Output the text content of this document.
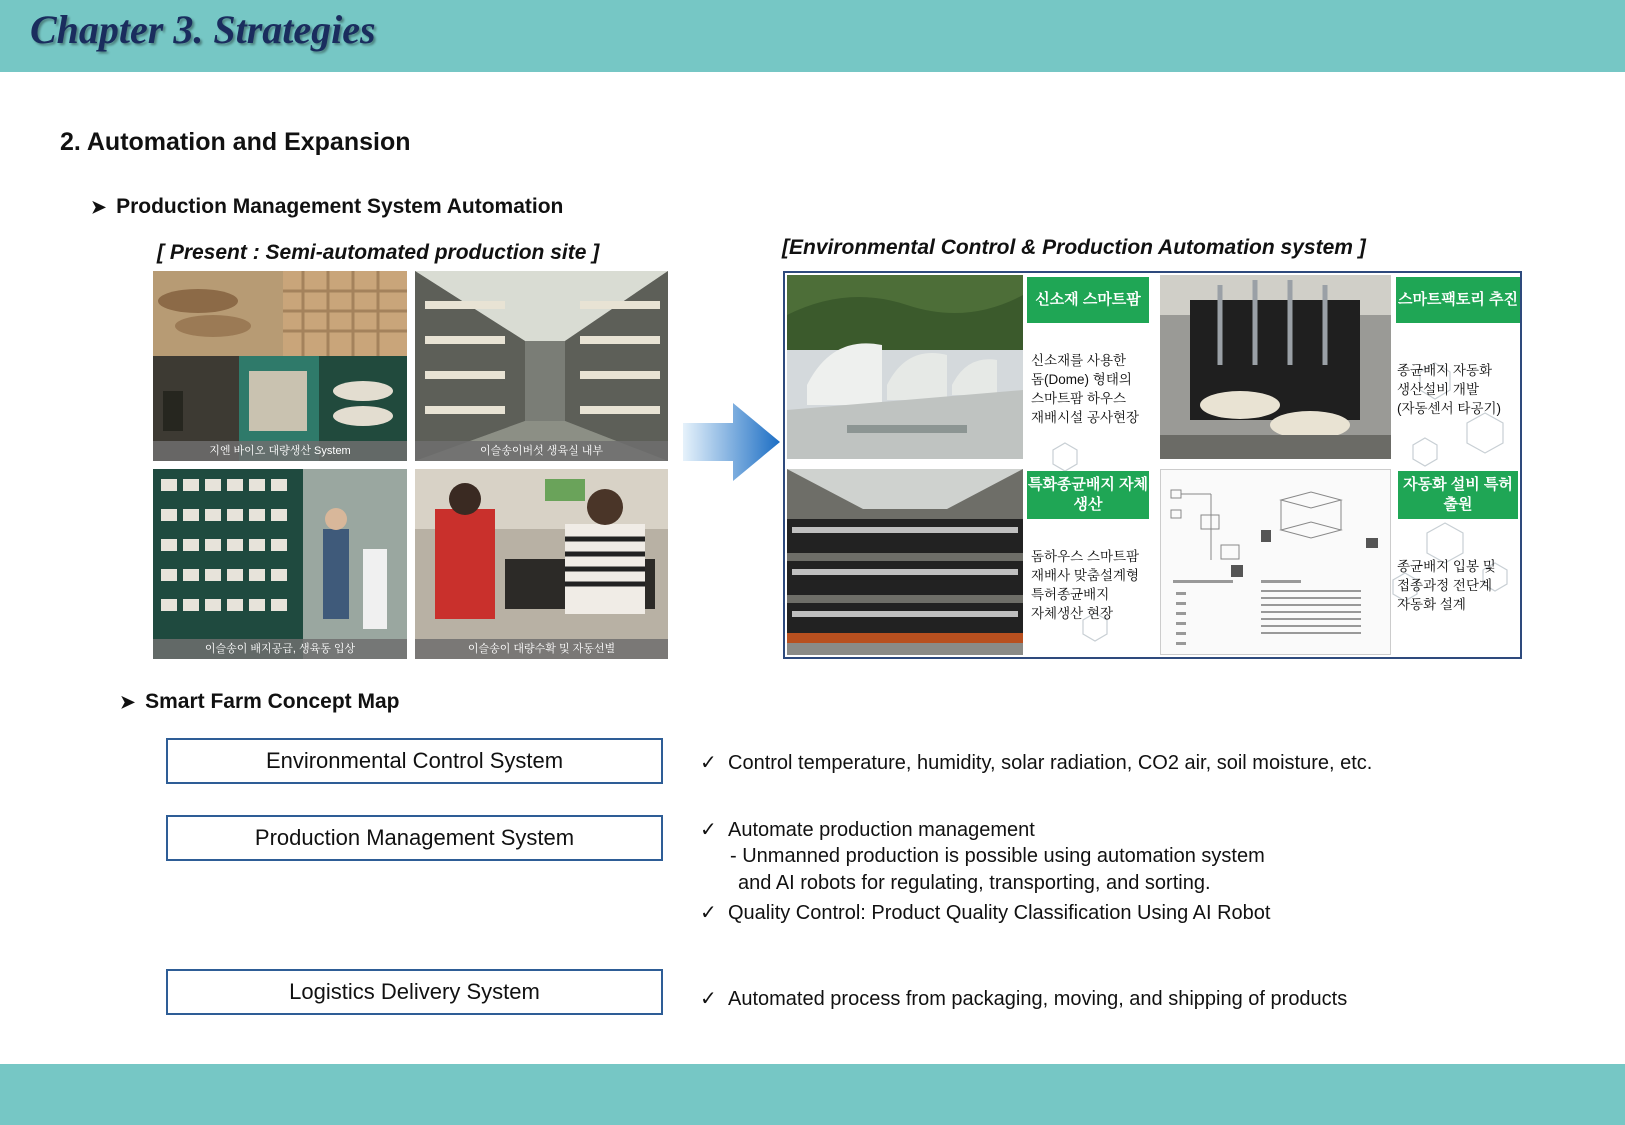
Chapter 3. Strategies
2. Automation and Expansion
➤ Production Management System Automation
[ Present : Semi-automated production site ]	[Environmental Control & Production Automation system ]
지엔 바이오 대량생산 System	이슬송이버섯 생육실 내부
이슬송이 배지공급, 생육동 입상	이슬송이 대량수확 및 자동선별
신소재 스마트팜
신소재를 사용한
돔(Dome) 형태의
스마트팜 하우스
재배시설 공사현장
스마트팩토리 추진
종균배지 자동화
생산설비 개발
(자동센서 타공기)
특화종균배지 자체생산
돔하우스 스마트팜
재배사 맞춤설계형
특허종균배지
자체생산 현장
자동화 설비 특허출원
종균배지 입봉 및
접종과정 전단계
자동화 설계
➤ Smart Farm Concept Map
Environmental Control System
Production Management System
Logistics Delivery System
✓ Control temperature, humidity, solar radiation, CO2 air, soil moisture, etc.
✓ Automate production management
- Unmanned production is possible using automation system
and AI robots for regulating, transporting, and sorting.
✓ Quality Control: Product Quality Classification Using AI Robot
✓ Automated process from packaging, moving, and shipping of products
